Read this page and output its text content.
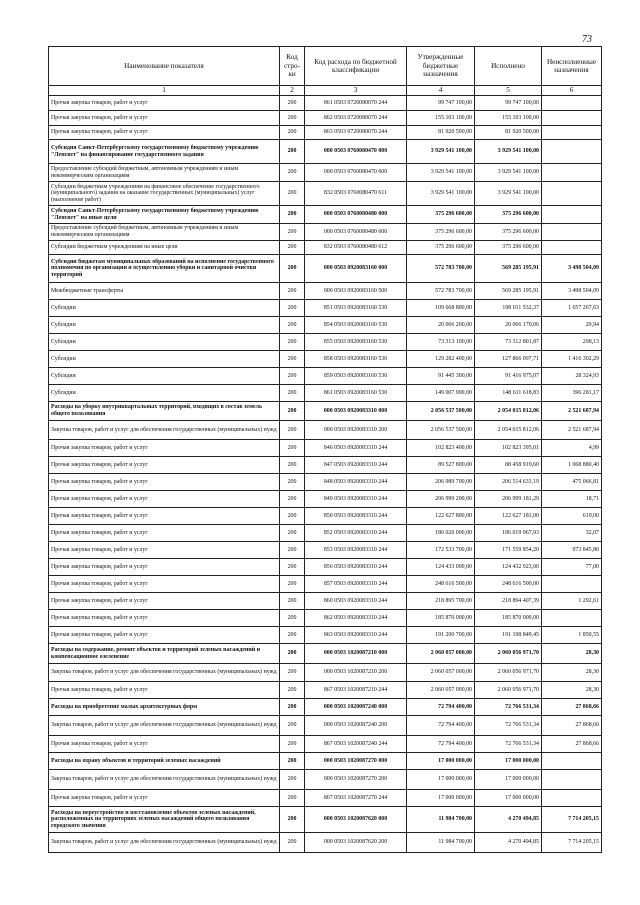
73
Наименование показателя	Код стро-ки	Код расхода по бюджетной классификации	Утвержденные бюджетные назначения	Исполнено	Неисполненные назначения
1	2	3	4	5	6
Прочая закупка товаров, работ и услуг	200	861 0503 0720080070 244	99 747 100,00	99 747 100,00	
Прочая закупка товаров, работ и услуг	200	862 0503 0720080070 244	155 103 100,00	155 103 100,00	
Прочая закупка товаров, работ и услуг	200	863 0503 0720080070 244	81 920 500,00	81 920 500,00	
Субсидия Санкт-Петербургскому государственному бюджетному учреждению "Ленсвет" на финансирование государственного задания	200	000 0503 0760080470 000	3 929 541 100,00	3 929 541 100,00	
Предоставление субсидий бюджетным, автономным учреждениям и иным некоммерческим организациям	200	000 0503 0760080470 600	3 929 541 100,00	3 929 541 100,00	
Субсидии бюджетным учреждениям на финансовое обеспечение государственного (муниципального) задания на оказание государственных (муниципальных) услуг (выполнение работ)	200	832 0503 0760080470 611	3 929 541 100,00	3 929 541 100,00	
Субсидия Санкт-Петербургскому государственному бюджетному учреждению "Ленсвет" на иные цели	200	000 0503 0760080480 000	375 296 600,00	375 296 600,00	
Предоставление субсидий бюджетным, автономным учреждениям и иным некоммерческим организациям	200	000 0503 0760080480 600	375 296 600,00	375 296 600,00	
Субсидии бюджетным учреждениям на иные цели	200	832 0503 0760080480 612	375 296 600,00	375 296 600,00	
Субсидии бюджетам муниципальных образований на исполнение государственного полномочия по организации и осуществлению уборки и санитарной очистки территорий	200	000 0503 0920083160 000	572 783 700,00	569 285 195,91	3 498 504,09
Межбюджетные трансферты	200	000 0503 0920083160 500	572 783 700,00	569 285 195,91	3 498 504,09
Субсидии	200	851 0503 0920083160 530	109 668 800,00	108 011 532,37	1 657 267,63
Субсидии	200	854 0503 0920083160 530	20 066 200,00	20 066 170,06	29,94
Субсидии	200	855 0503 0920083160 530	73 313 100,00	73 312 801,87	298,13
Субсидии	200	858 0503 0920083160 530	129 282 400,00	127 866 097,71	1 416 302,29
Субсидии	200	859 0503 0920083160 530	91 445 300,00	91 416 975,07	28 324,93
Субсидии	200	861 0503 0920083160 530	149 007 900,00	148 611 618,83	396 281,17
Расходы на уборку внутриквартальных территорий, входящих в состав земель общего пользования	200	000 0503 0920083310 000	2 056 537 500,00	2 054 015 812,06	2 521 687,94
Закупка товаров, работ и услуг для обеспечения государственных (муниципальных) нужд	200	000 0503 0920083310 200	2 056 537 500,00	2 054 015 812,06	2 521 687,94
Прочая закупка товаров, работ и услуг	200	846 0503 0920083310 244	102 823 400,00	102 823 395,01	4,99
Прочая закупка товаров, работ и услуг	200	847 0503 0920083310 244	89 527 800,00	88 458 919,60	1 068 880,40
Прочая закупка товаров, работ и услуг	200	848 0503 0920083310 244	206 989 700,00	206 514 633,19	475 066,81
Прочая закупка товаров, работ и услуг	200	849 0503 0920083310 244	206 999 200,00	206 999 181,29	18,71
Прочая закупка товаров, работ и услуг	200	850 0503 0920083310 244	122 627 800,00	122 627 181,00	619,00
Прочая закупка товаров, работ и услуг	200	852 0503 0920083310 244	186 020 000,00	186 019 967,93	32,07
Прочая закупка товаров, работ и услуг	200	853 0503 0920083310 244	172 533 700,00	171 559 854,20	973 845,80
Прочая закупка товаров, работ и услуг	200	856 0503 0920083310 244	124 433 000,00	124 432 923,00	77,00
Прочая закупка товаров, работ и услуг	200	857 0503 0920083310 244	248 616 500,00	248 616 500,00	
Прочая закупка товаров, работ и услуг	200	860 0503 0920083310 244	218 895 700,00	218 894 407,39	1 292,61
Прочая закупка товаров, работ и услуг	200	862 0503 0920083310 244	185 870 000,00	185 870 000,00	
Прочая закупка товаров, работ и услуг	200	863 0503 0920083310 244	191 200 700,00	191 198 849,45	1 850,55
Расходы на содержание, ремонт объектов и территорий зеленых насаждений и компенсационное озеленение	200	000 0503 1020087210 000	2 060 057 000,00	2 060 056 971,70	28,30
Закупка товаров, работ и услуг для обеспечения государственных (муниципальных) нужд	200	000 0503 1020087210 200	2 060 057 000,00	2 060 056 971,70	28,30
Прочая закупка товаров, работ и услуг	200	867 0503 1020087210 244	2 060 057 000,00	2 060 056 971,70	28,30
Расходы на приобретение малых архитектурных форм	200	000 0503 1020087240 000	72 794 400,00	72 766 531,34	27 868,66
Закупка товаров, работ и услуг для обеспечения государственных (муниципальных) нужд	200	000 0503 1020087240 200	72 794 400,00	72 766 531,34	27 868,66
Прочая закупка товаров, работ и услуг	200	867 0503 1020087240 244	72 794 400,00	72 766 531,34	27 868,66
Расходы на охрану объектов и территорий зеленых насаждений	200	000 0503 1020087270 000	17 000 000,00	17 000 000,00	
Закупка товаров, работ и услуг для обеспечения государственных (муниципальных) нужд	200	000 0503 1020087270 200	17 000 000,00	17 000 000,00	
Прочая закупка товаров, работ и услуг	200	867 0503 1020087270 244	17 000 000,00	17 000 000,00	
Расходы на переустройство и восстановление объектов зеленых насаждений, расположенных на территориях зеленых насаждений общего пользования городского значения	200	000 0503 1020087620 000	11 984 700,00	4 270 494,85	7 714 205,15
Закупка товаров, работ и услуг для обеспечения государственных (муниципальных) нужд	200	000 0503 1020087620 200	11 984 700,00	4 270 494,85	7 714 205,15
